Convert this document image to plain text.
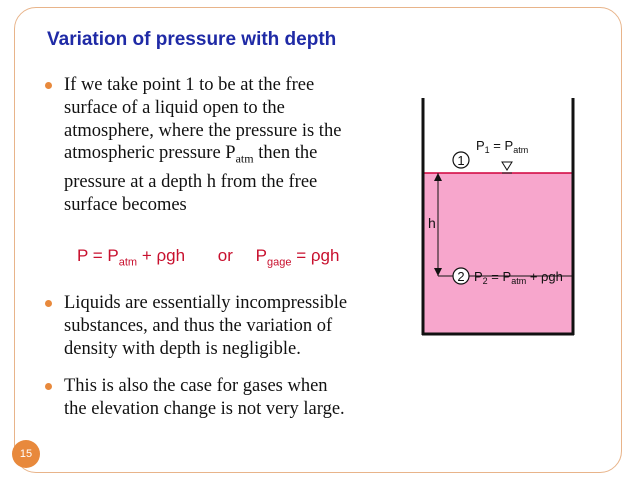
Variation of pressure with depth
If we take point 1 to be at the free
surface of a liquid open to the
atmosphere, where the pressure is the
atmospheric pressure $P_{atm}$ then the
pressure at a depth h from the free
surface becomes
$P = P_{atm} + \rho gh$ or $P_{gage} = \rho gh$
Liquids are essentially incompressible
substances, and thus the variation of
density with depth is negligible.
This is also the case for gases when
the elevation change is not very large.
h
1
$P_1 = P_{atm}$
2 $P_2 = P_{atm} + \rho gh$
15
